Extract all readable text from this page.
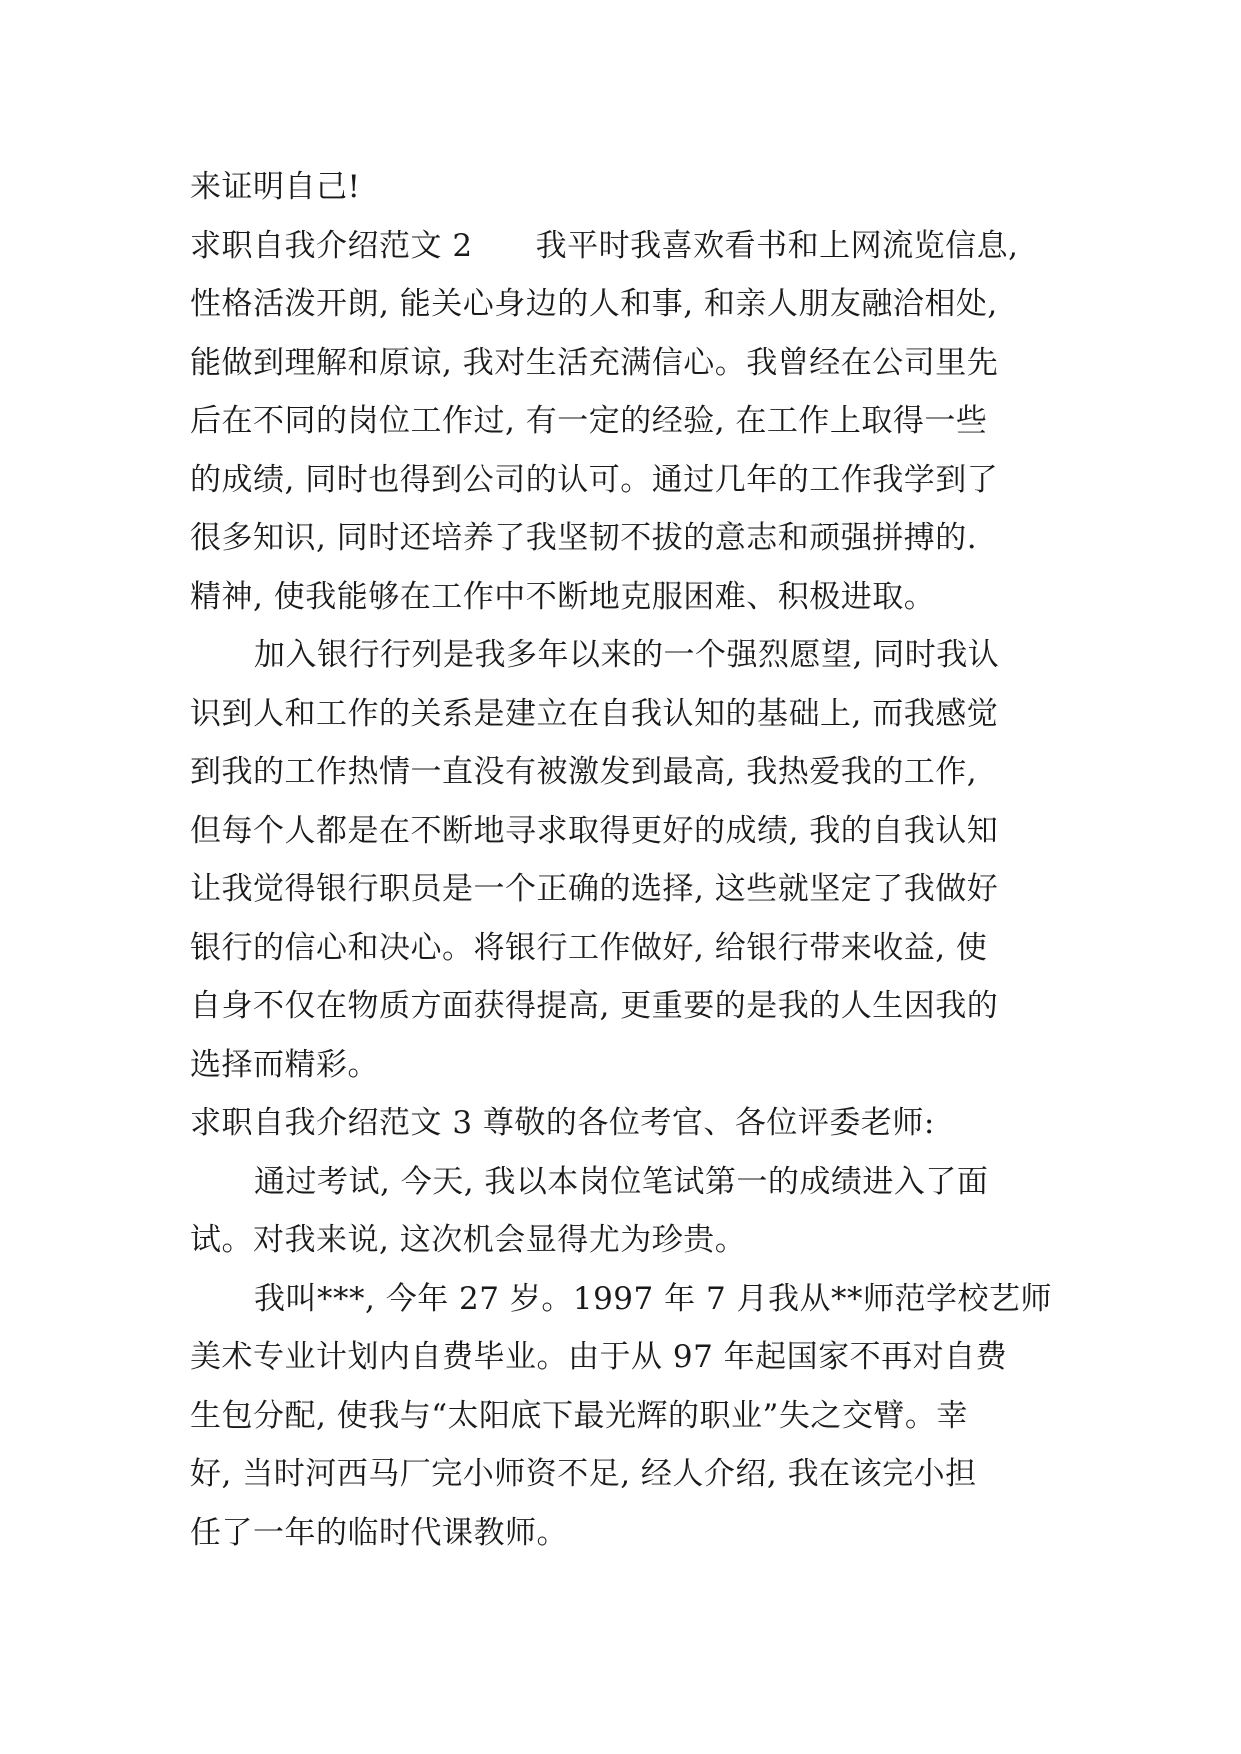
来证明自己!
求职自我介绍范文 2　　我平时我喜欢看书和上网流览信息,
性格活泼开朗, 能关心身边的人和事, 和亲人朋友融洽相处,
能做到理解和原谅, 我对生活充满信心。我曾经在公司里先
后在不同的岗位工作过, 有一定的经验, 在工作上取得一些
的成绩, 同时也得到公司的认可。通过几年的工作我学到了
很多知识, 同时还培养了我坚韧不拔的意志和顽强拼搏的.
精神, 使我能够在工作中不断地克服困难、积极进取。
加入银行行列是我多年以来的一个强烈愿望, 同时我认
识到人和工作的关系是建立在自我认知的基础上, 而我感觉
到我的工作热情一直没有被激发到最高, 我热爱我的工作,
但每个人都是在不断地寻求取得更好的成绩, 我的自我认知
让我觉得银行职员是一个正确的选择, 这些就坚定了我做好
银行的信心和决心。将银行工作做好, 给银行带来收益, 使
自身不仅在物质方面获得提高, 更重要的是我的人生因我的
选择而精彩。
求职自我介绍范文 3 尊敬的各位考官、各位评委老师:
通过考试, 今天, 我以本岗位笔试第一的成绩进入了面
试。对我来说, 这次机会显得尤为珍贵。
我叫***, 今年 27 岁。1997 年 7 月我从**师范学校艺师
美术专业计划内自费毕业。由于从 97 年起国家不再对自费
生包分配, 使我与“太阳底下最光辉的职业”失之交臂。幸
好, 当时河西马厂完小师资不足, 经人介绍, 我在该完小担
任了一年的临时代课教师。
